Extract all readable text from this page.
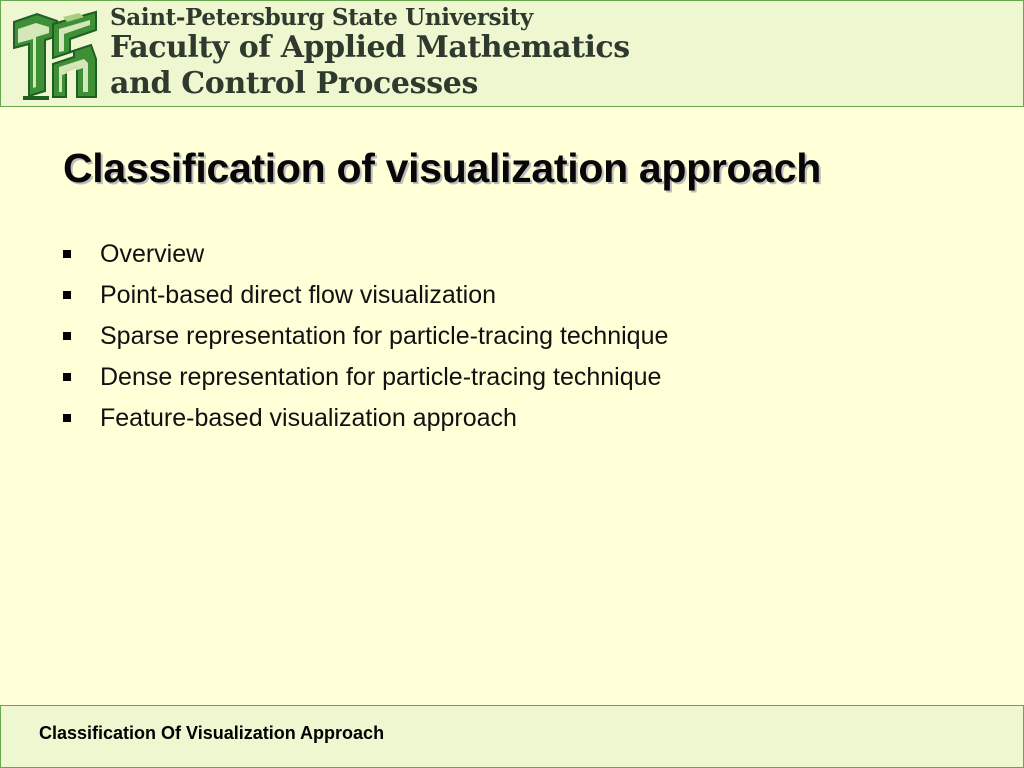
Saint-Petersburg State University
Faculty of Applied Mathematics
and Control Processes
Classification of visualization approach
Overview
Point-based direct flow visualization
Sparse representation for particle-tracing technique
Dense representation for particle-tracing technique
Feature-based visualization approach
Classification Of Visualization Approach
